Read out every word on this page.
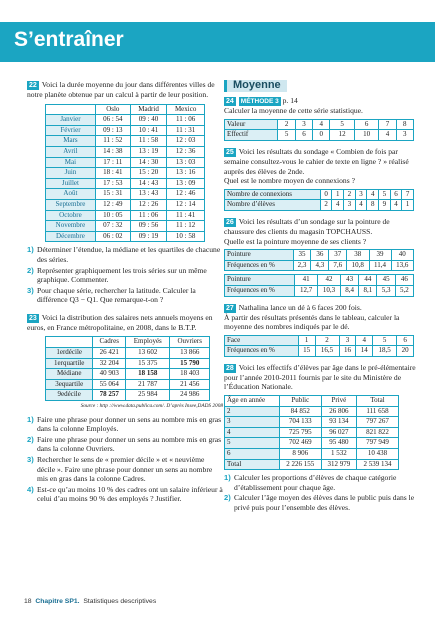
S’entraîner

22 Voici la durée moyenne du jour dans différentes villes de notre planète obtenue par un calcul à partir de leur position.

	Oslo	Madrid	Mexico
Janvier	06 : 54	09 : 40	11 : 06
Février	09 : 13	10 : 41	11 : 31
Mars	11 : 52	11 : 58	12 : 03
Avril	14 : 38	13 : 19	12 : 36
Mai	17 : 11	14 : 30	13 : 03
Juin	18 : 41	15 : 20	13 : 16
Juillet	17 : 53	14 : 43	13 : 09
Août	15 : 31	13 : 43	12 : 46
Septembre	12 : 49	12 : 26	12 : 14
Octobre	10 : 05	11 : 06	11 : 41
Novembre	07 : 32	09 : 56	11 : 12
Décembre	06 : 02	09 : 19	10 : 58
1) Déterminer l’étendue, la médiane et les quartiles de chacune des séries.
2) Représenter graphiquement les trois séries sur un même graphique. Commenter.
3) Pour chaque série, rechercher la latitude. Calculer la différence Q3 − Q1. Que remarque-t-on ?

23 Voici la distribution des salaires nets annuels moyens en euros, en France métropolitaine, en 2008, dans le B.T.P.

	Cadres	Employés	Ouvriers
1erdécile	26 421	13 602	13 866
1erquartile	32 204	15 375	15 790
Médiane	40 903	18 158	18 403
3equartile	55 064	21 787	21 456
9edécile	78 257	25 984	24 986
Source : http ://www.data.publica.com/. D’après Insee,DADS 2008
1) Faire une phrase pour donner un sens au nombre mis en gras dans la colonne Employés.
2) Faire une phrase pour donner un sens au nombre mis en gras dans la colonne Ouvriers.
3) Rechercher le sens de « premier décile » et « neuvième décile ». Faire une phrase pour donner un sens au nombre mis en gras dans la colonne Cadres.
4) Est-ce qu’au moins 10 % des cadres ont un salaire inférieur à celui d’au moins 90 % des employés ? Justifier.
Moyenne

24 MÉTHODE 3 p. 14

Calculer la moyenne de cette série statistique.

Valeur	2	3	4	5	6	7	8
Effectif	5	6	0	12	10	4	3

25 Voici les résultats du sondage « Combien de fois par semaine consultez-vous le cahier de texte en ligne ? » réalisé auprès des élèves de 2nde.

Quel est le nombre moyen de connexions ?

Nombre de connexions	0	1	2	3	4	5	6	7
Nombre d’élèves	2	4	3	4	8	9	4	1

26 Voici les résultats d’un sondage sur la pointure de chaussure des clients du magasin TOPCHAUSS.

Quelle est la pointure moyenne de ses clients ?

Pointure	35	36	37	38	39	40
Fréquences en %	2,3	4,3	7,6	10,8	11,4	13,6
Pointure	41	42	43	44	45	46
Fréquences en %	12,7	10,3	8,4	8,1	5,3	5,2

27 Nathalina lance un dé à 6 faces 200 fois.

À partir des résultats présentés dans le tableau, calculer la moyenne des nombres indiqués par le dé.

Face	1	2	3	4	5	6
Fréquences en %	15	16,5	16	14	18,5	20

28 Voici les effectifs d’élèves par âge dans le pré-élémentaire pour l’année 2010-2011 fournis par le site du Ministère de l’Éducation Nationale.

Âge en année	Public	Privé	Total
2	84 852	26 806	111 658
3	704 133	93 134	797 267
4	725 795	96 027	821 822
5	702 469	95 480	797 949
6	8 906	1 532	10 438
Total	2 226 155	312 979	2 539 134
1) Calculer les proportions d’élèves de chaque catégorie d’établissement pour chaque âge.
2) Calculer l’âge moyen des élèves dans le public puis dans le privé puis pour l’ensemble des élèves.
18 Chapitre SP1. Statistiques descriptives
